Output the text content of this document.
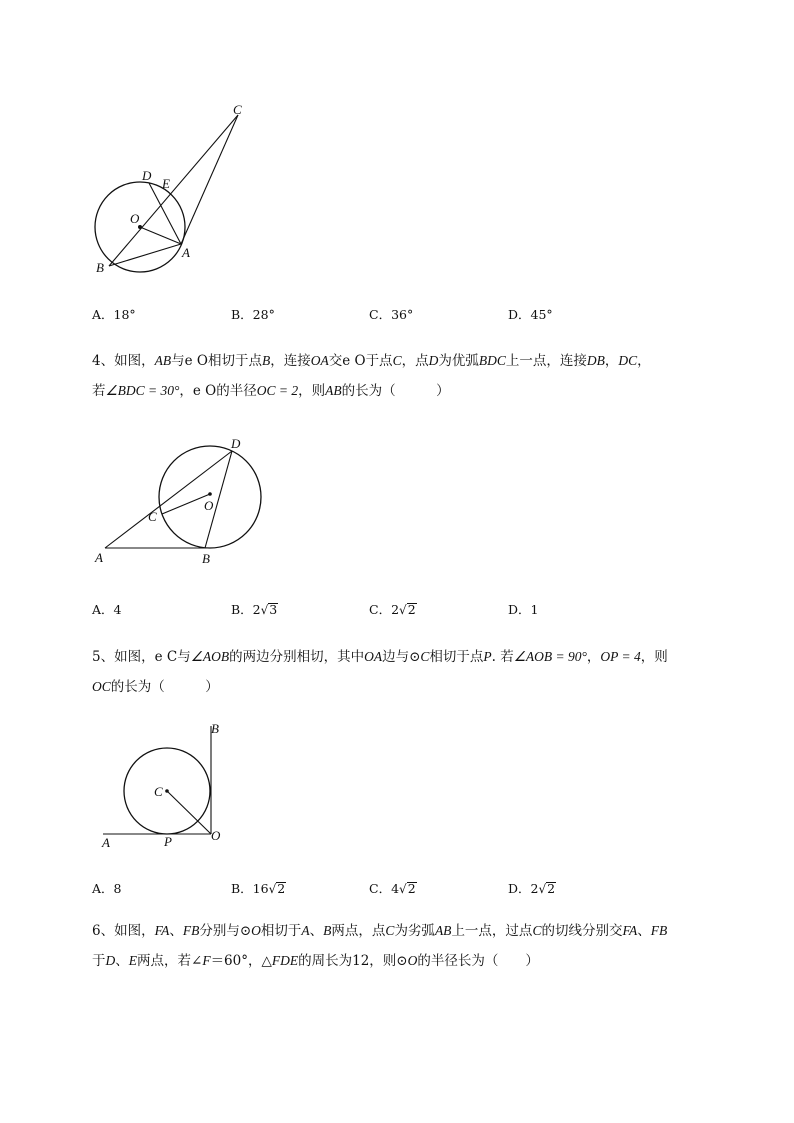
C
D
E
O
A
B
A．18°	B．28°	C．36°	D．45°
4、如图，AB与e O相切于点B，连接OA交e O于点C，点D为优弧BDC上一点，连接DB，DC，
若∠BDC = 30°，e O的半径OC = 2，则AB的长为（　　　）
D
C
O
A	B
A．4	B．2√3	C．2√2	D．1
5、如图，e C与∠AOB的两边分别相切，其中OA边与⊙C相切于点P. 若∠AOB = 90°，OP = 4，则
OC的长为（　　　）
B
C
A	P	O
A．8	B．16√2	C．4√2	D．2√2
6、如图，FA、FB分别与⊙O相切于A、B两点，点C为劣弧AB上一点，过点C的切线分别交FA、FB
于D、E两点，若∠F＝60°，△FDE的周长为12，则⊙O的半径长为（　　）
